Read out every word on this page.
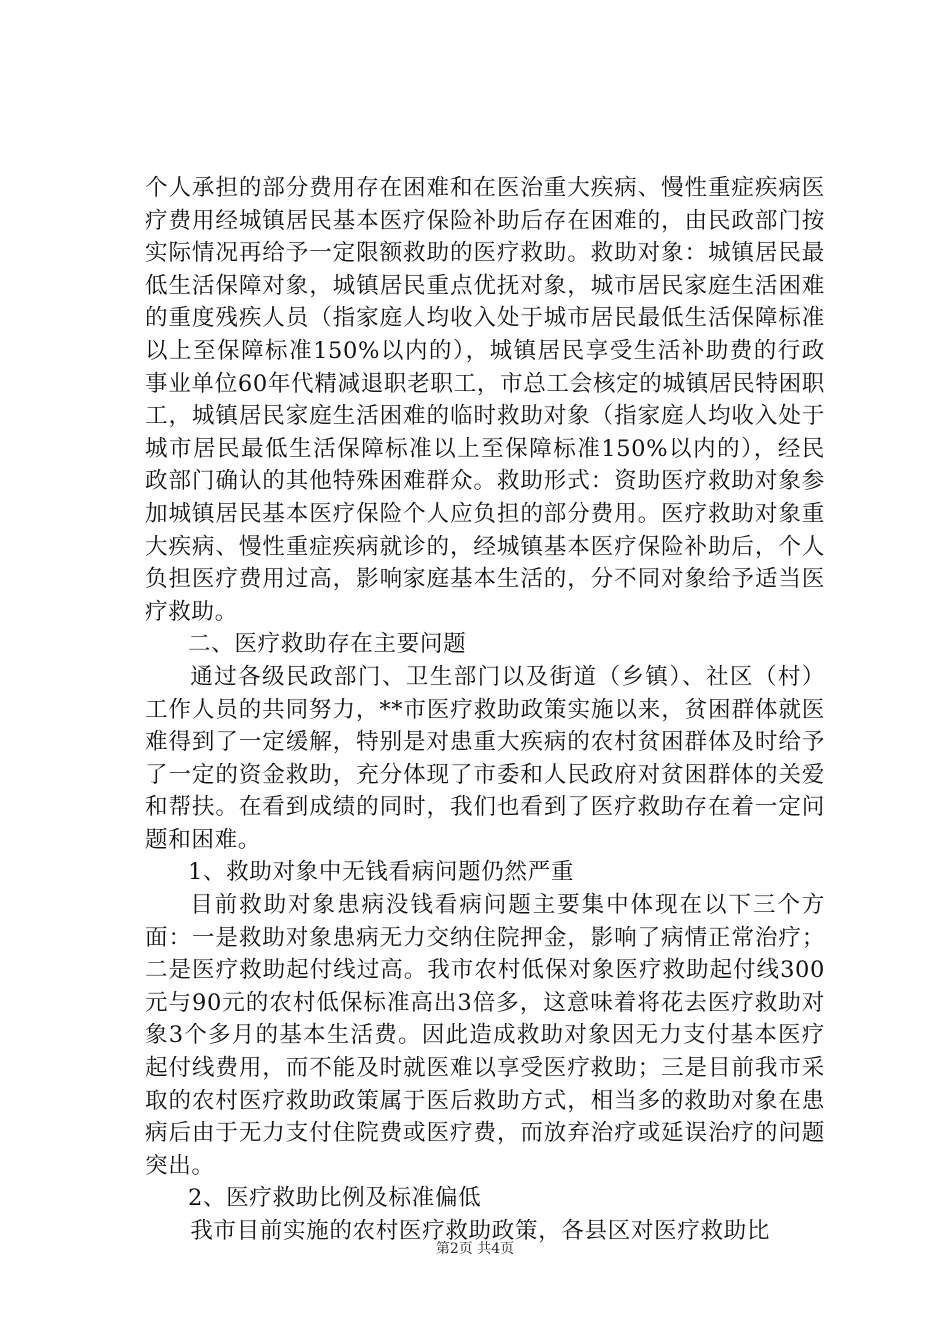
个人承担的部分费用存在困难和在医治重大疾病、慢性重症疾病医疗费用经城镇居民基本医疗保险补助后存在困难的，由民政部门按实际情况再给予一定限额救助的医疗救助。救助对象：城镇居民最低生活保障对象，城镇居民重点优抚对象，城市居民家庭生活困难的重度残疾人员（指家庭人均收入处于城市居民最低生活保障标准以上至保障标准150%以内的），城镇居民享受生活补助费的行政事业单位60年代精减退职老职工，市总工会核定的城镇居民特困职工，城镇居民家庭生活困难的临时救助对象（指家庭人均收入处于城市居民最低生活保障标准以上至保障标准150%以内的），经民政部门确认的其他特殊困难群众。救助形式：资助医疗救助对象参加城镇居民基本医疗保险个人应负担的部分费用。医疗救助对象重大疾病、慢性重症疾病就诊的，经城镇基本医疗保险补助后，个人负担医疗费用过高，影响家庭基本生活的，分不同对象给予适当医疗救助。

二、医疗救助存在主要问题

通过各级民政部门、卫生部门以及街道（乡镇）、社区（村）工作人员的共同努力，**市医疗救助政策实施以来，贫困群体就医难得到了一定缓解，特别是对患重大疾病的农村贫困群体及时给予了一定的资金救助，充分体现了市委和人民政府对贫困群体的关爱和帮扶。在看到成绩的同时，我们也看到了医疗救助存在着一定问题和困难。

1、救助对象中无钱看病问题仍然严重

目前救助对象患病没钱看病问题主要集中体现在以下三个方面：一是救助对象患病无力交纳住院押金，影响了病情正常治疗；二是医疗救助起付线过高。我市农村低保对象医疗救助起付线300元与90元的农村低保标准高出3倍多，这意味着将花去医疗救助对象3个多月的基本生活费。因此造成救助对象因无力支付基本医疗起付线费用，而不能及时就医难以享受医疗救助；三是目前我市采取的农村医疗救助政策属于医后救助方式，相当多的救助对象在患病后由于无力支付住院费或医疗费，而放弃治疗或延误治疗的问题突出。

2、医疗救助比例及标准偏低

我市目前实施的农村医疗救助政策，各县区对医疗救助比

第2页 共4页
